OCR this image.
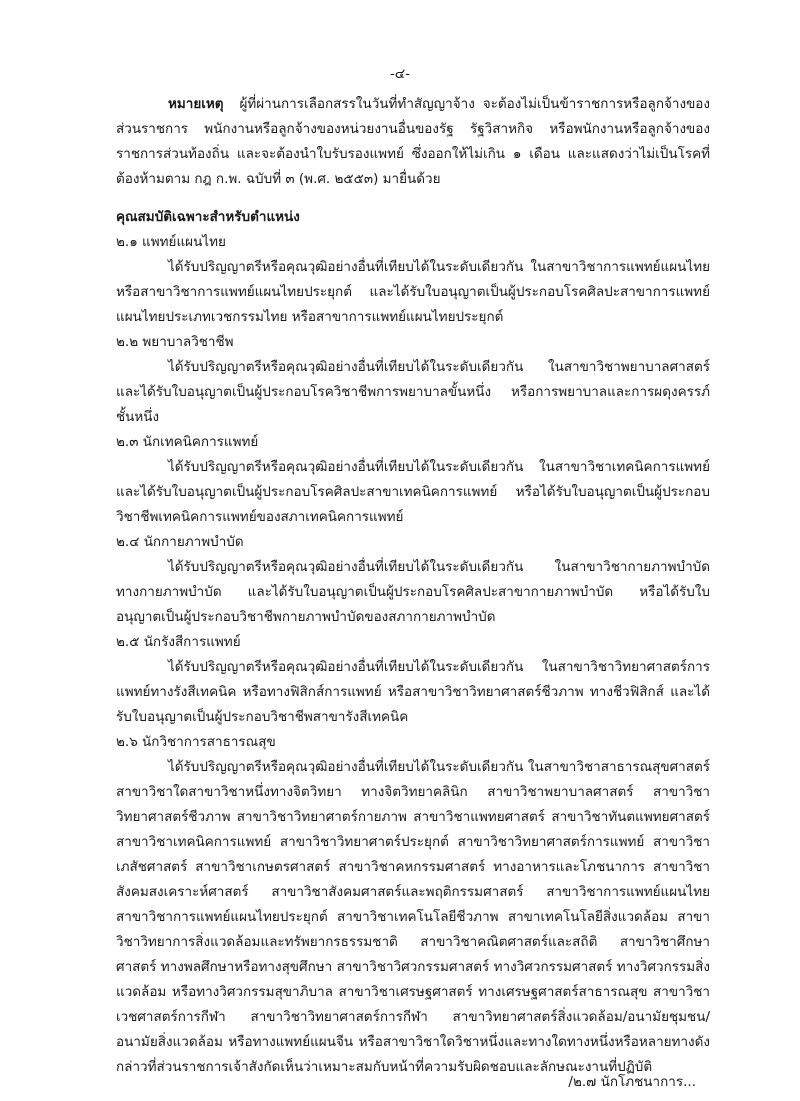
-๔-

หมายเหตุ ผู้ที่ผ่านการเลือกสรรในวันที่ทำสัญญาจ้าง จะต้องไม่เป็นข้าราชการหรือลูกจ้างของส่วนราชการ พนักงานหรือลูกจ้างของหน่วยงานอื่นของรัฐ รัฐวิสาหกิจ หรือพนักงานหรือลูกจ้างของราชการส่วนท้องถิ่น และจะต้องนำใบรับรองแพทย์ ซึ่งออกให้ไม่เกิน ๑ เดือน และแสดงว่าไม่เป็นโรคที่ต้องห้ามตาม กฎ ก.พ. ฉบับที่ ๓ (พ.ศ. ๒๕๕๓) มายื่นด้วย

คุณสมบัติเฉพาะสำหรับตำแหน่ง

๒.๑ แพทย์แผนไทย

ได้รับปริญญาตรีหรือคุณวุฒิอย่างอื่นที่เทียบได้ในระดับเดียวกัน ในสาขาวิชาการแพทย์แผนไทย หรือสาขาวิชาการแพทย์แผนไทยประยุกต์ และได้รับใบอนุญาตเป็นผู้ประกอบโรคศิลปะสาขาการแพทย์แผนไทยประเภทเวชกรรมไทย หรือสาขาการแพทย์แผนไทยประยุกต์

๒.๒ พยาบาลวิชาชีพ

ได้รับปริญญาตรีหรือคุณวุฒิอย่างอื่นที่เทียบได้ในระดับเดียวกัน ในสาขาวิชาพยาบาลศาสตร์ และได้รับใบอนุญาตเป็นผู้ประกอบโรควิชาชีพการพยาบาลขั้นหนึ่ง หรือการพยาบาลและการผดุงครรภ์ชั้นหนึ่ง

๒.๓ นักเทคนิคการแพทย์

ได้รับปริญญาตรีหรือคุณวุฒิอย่างอื่นที่เทียบได้ในระดับเดียวกัน ในสาขาวิชาเทคนิคการแพทย์ และได้รับใบอนุญาตเป็นผู้ประกอบโรคศิลปะสาขาเทคนิคการแพทย์ หรือได้รับใบอนุญาตเป็นผู้ประกอบวิชาชีพเทคนิคการแพทย์ของสภาเทคนิคการแพทย์

๒.๔ นักกายภาพบำบัด

ได้รับปริญญาตรีหรือคุณวุฒิอย่างอื่นที่เทียบได้ในระดับเดียวกัน ในสาขาวิชากายภาพบำบัด ทางกายภาพบำบัด และได้รับใบอนุญาตเป็นผู้ประกอบโรคศิลปะสาขากายภาพบำบัด หรือได้รับใบอนุญาตเป็นผู้ประกอบวิชาชีพกายภาพบำบัดของสภากายภาพบำบัด

๒.๕ นักรังสีการแพทย์

ได้รับปริญญาตรีหรือคุณวุฒิอย่างอื่นที่เทียบได้ในระดับเดียวกัน ในสาขาวิชาวิทยาศาสตร์การแพทย์ทางรังสีเทคนิค หรือทางฟิสิกส์การแพทย์ หรือสาขาวิชาวิทยาศาสตร์ชีวภาพ ทางชีวฟิสิกส์ และได้รับใบอนุญาตเป็นผู้ประกอบวิชาชีพสาขารังสีเทคนิค

๒.๖ นักวิชาการสาธารณสุข

ได้รับปริญญาตรีหรือคุณวุฒิอย่างอื่นที่เทียบได้ในระดับเดียวกัน ในสาขาวิชาสาธารณสุขศาสตร์ สาขาวิชาใดสาขาวิชาหนึ่งทางจิตวิทยา ทางจิตวิทยาคลินิก สาขาวิชาพยาบาลศาสตร์ สาขาวิชาวิทยาศาสตร์ชีวภาพ สาขาวิชาวิทยาศาตร์กายภาพ สาขาวิชาแพทยศาสตร์ สาขาวิชาทันตแพทยศาสตร์ สาขาวิชาเทคนิคการแพทย์ สาขาวิชาวิทยาศาตร์ประยุกต์ สาขาวิชาวิทยาศาสตร์การแพทย์ สาขาวิชาเภสัชศาสตร์ สาขาวิชาเกษตรศาสตร์ สาขาวิชาคหกรรมศาสตร์ ทางอาหารและโภชนาการ สาขาวิชาสังคมสงเคราะห์ศาสตร์ สาขาวิชาสังคมศาสตร์และพฤติกรรมศาสตร์ สาขาวิชาการแพทย์แผนไทย สาขาวิชาการแพทย์แผนไทยประยุกต์ สาขาวิชาเทคโนโลยีชีวภาพ สาขาเทคโนโลยีสิ่งแวดล้อม สาขาวิชาวิทยาการสิ่งแวดล้อมและทรัพยากรธรรมชาติ สาขาวิชาคณิตศาสตร์และสถิติ สาขาวิชาศึกษาศาสตร์ ทางพลศึกษาหรือทางสุขศึกษา สาขาวิชาวิศวกรรมศาสตร์ ทางวิศวกรรมศาสตร์ ทางวิศวกรรมสิ่งแวดล้อม หรือทางวิศวกรรมสุขาภิบาล สาขาวิชาเศรษฐศาสตร์ ทางเศรษฐศาสตร์สาธารณสุข สาขาวิชาเวชศาสตร์การกีฬา สาขาวิชาวิทยาศาสตร์การกีฬา สาขาวิทยาศาสตร์สิ่งแวดล้อม/อนามัยชุมชน/อนามัยสิ่งแวดล้อม หรือทางแพทย์แผนจีน หรือสาขาวิชาใดวิชาหนึ่งและทางใดทางหนึ่งหรือหลายทางดังกล่าวที่ส่วนราชการเจ้าสังกัดเห็นว่าเหมาะสมกับหน้าที่ความรับผิดชอบและลักษณะงานที่ปฏิบัติ

/๒.๗ นักโภชนาการ...
